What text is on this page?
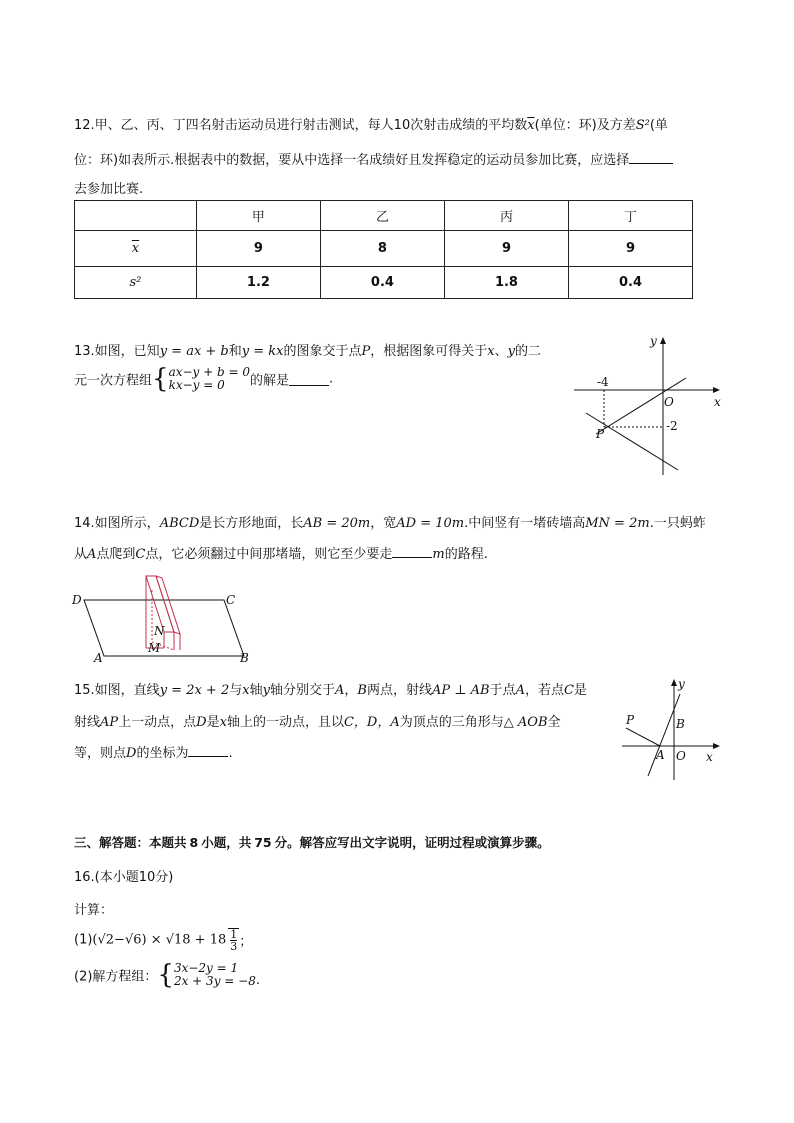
12.甲、乙、丙、丁四名射击运动员进行射击测试，每人10次射击成绩的平均数$\overline{x}$(单位：环)及方差S²(单
位：环)如表所示.根据表中的数据，要从中选择一名成绩好且发挥稳定的运动员参加比赛，应选择
去参加比赛.
	甲	乙	丙	丁
$\overline{x}$	9	8	9	9
s²	1.2	0.4	1.8	0.4
13.如图，已知y = ax + b和y = kx的图象交于点P，根据图象可得关于x、y的二
元一次方程组{ax−y + b = 0
kx−y = 0 的解是	.
y
x
O
-4
-2
P
14.如图所示，ABCD是长方形地面，长AB = 20m，宽AD = 10m.中间竖有一堵砖墙高MN = 2m.一只蚂蚱
从A点爬到C点，它必须翻过中间那堵墙，则它至少要走	m的路程.
D	C
A	B
N
M
15.如图，直线y = 2x + 2与x轴y轴分别交于A，B两点，射线AP ⊥ AB于点A，若点C是
射线AP上一动点，点D是x轴上的一动点，且以C，D，A为顶点的三角形与△ AOB全
等，则点D的坐标为	.
y
x
P	B
A O
三、解答题：本题共 8 小题，共 75 分。解答应写出文字说明，证明过程或演算步骤。
16.(本小题10分)
计算：
$(1)(√2-√6) \times √18 + 18 \frac{1}{3}$；
(2)解方程组：{3x−2y = 1
2x + 3y = −8.
